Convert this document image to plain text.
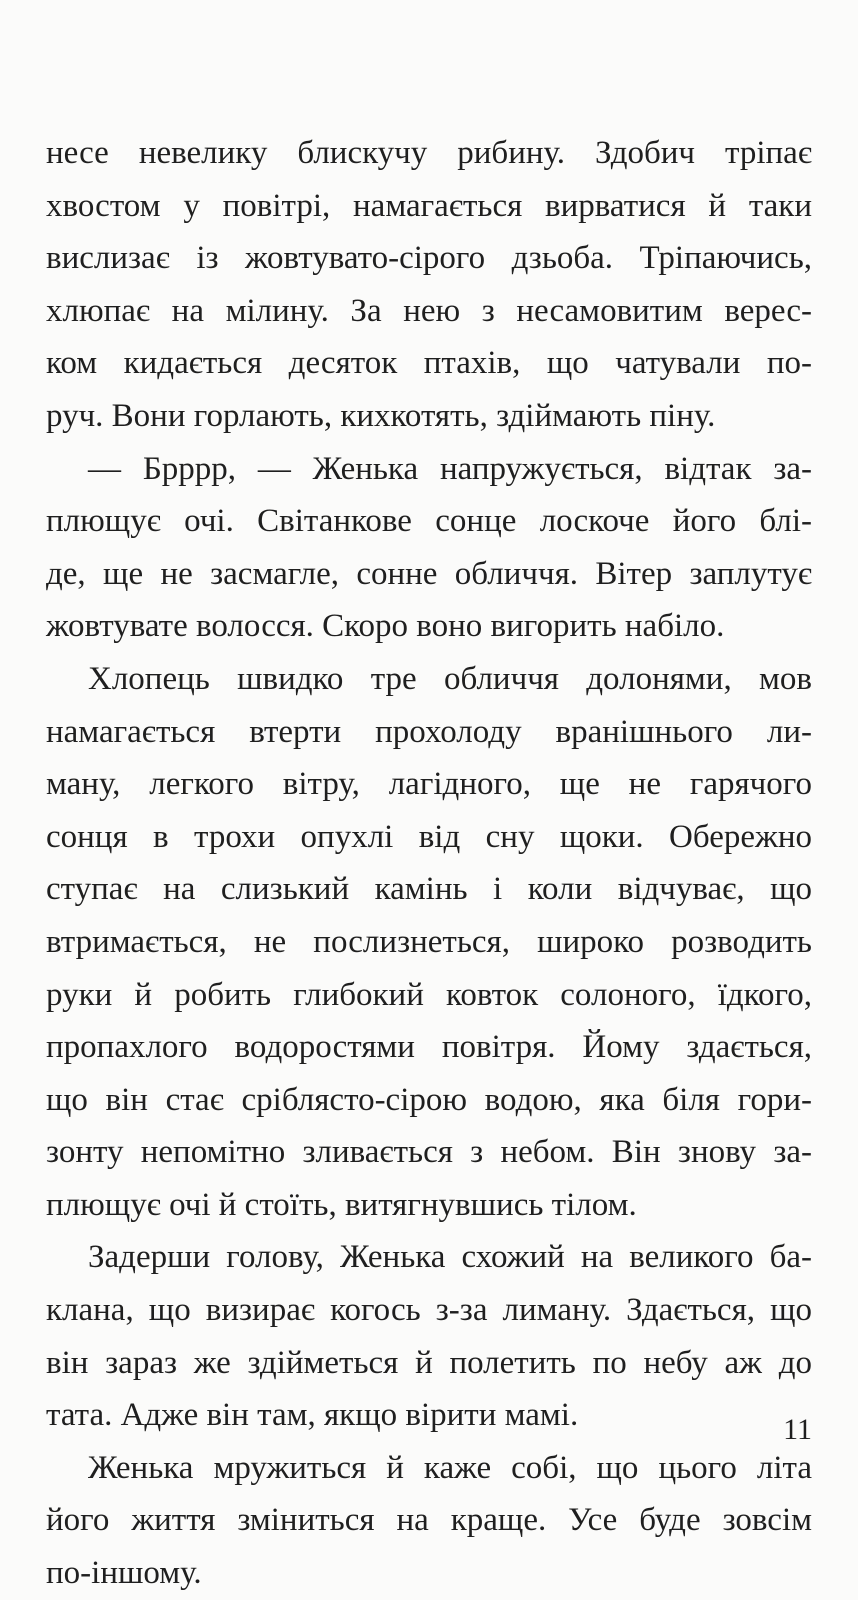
несе невелику блискучу рибину. Здобич тріпає
хвостом у повітрі, намагається вирватися й таки
вислизає із жовтувато-сірого дзьоба. Тріпаючись,
хлюпає на мілину. За нею з несамовитим верес-
ком кидається десяток птахів, що чатували по-
руч. Вони горлають, кихкотять, здіймають піну.
— Брррр, — Женька напружується, відтак за-
плющує очі. Світанкове сонце лоскоче його блі-
де, ще не засмагле, сонне обличчя. Вітер заплутує
жовтувате волосся. Скоро воно вигорить набіло.
Хлопець швидко тре обличчя долонями, мов
намагається втерти прохолоду вранішнього ли-
ману, легкого вітру, лагідного, ще не гарячого
сонця в трохи опухлі від сну щоки. Обережно
ступає на слизький камінь і коли відчуває, що
втримається, не послизнеться, широко розводить
руки й робить глибокий ковток солоного, їдкого,
пропахлого водоростями повітря. Йому здається,
що він стає сріблясто-сірою водою, яка біля гори-
зонту непомітно зливається з небом. Він знову за-
плющує очі й стоїть, витягнувшись тілом.
Задерши голову, Женька схожий на великого ба-
клана, що визирає когось з-за лиману. Здається, що
він зараз же здійметься й полетить по небу аж до
тата. Адже він там, якщо вірити мамі.
Женька мружиться й каже собі, що цього літа
його життя зміниться на краще. Усе буде зовсім
по-іншому.
11
